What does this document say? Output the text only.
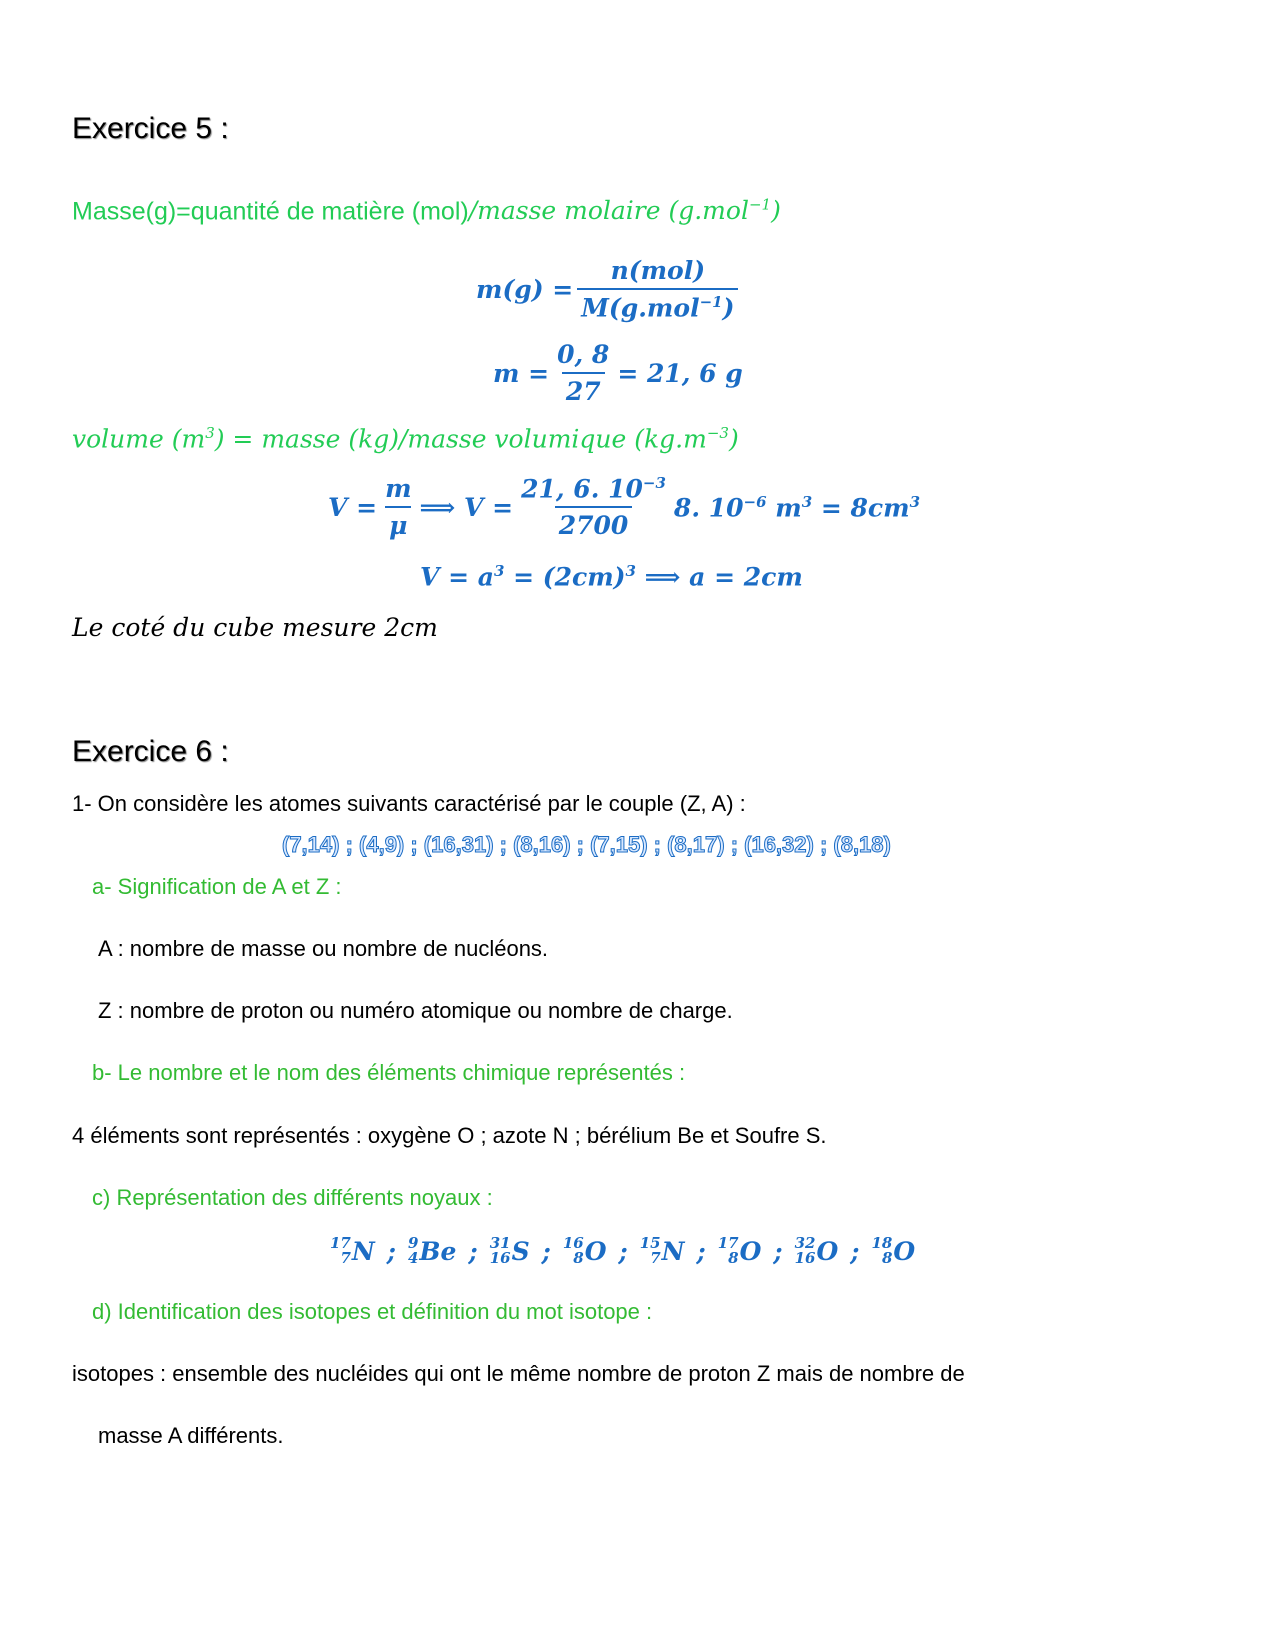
Exercice 5 :
Masse(g)=quantité de matière (mol)/masse molaire (g.mol$^{-1}$)
$m(g) = \frac{\text{n(mol)}}{M(g.mol^{-1})}$
$m = \frac{0, 8}{27} = 21$, 6 g
volume $(m^3)$ = masse (kg)/masse volumique $(kg.m^{-3})$
$V = \frac{m}{\mu}$ ⟹ $V = \frac{21, 6. 10^{-3}}{2700} 8$. $10^{-6}$ $m^3 = 8cm^3$
$V = a^3 = (2cm)^3$ ⟹ a = 2cm
Le coté du cube mesure 2cm
Exercice 6 :
1- On considère les atomes suivants caractérisé par le couple (Z, A) :
(7,14) ; (4,9) ; (16,31) ; (8,16) ; (7,15) ; (8,17) ; (16,32) ; (8,18)
a- Signification de A et Z :
A : nombre de masse ou nombre de nucléons.
Z : nombre de proton ou numéro atomique ou nombre de charge.
b- Le nombre et le nom des éléments chimique représentés :
4 éléments sont représentés : oxygène O ; azote N ; bérélium Be et Soufre S.
c) Représentation des différents noyaux :
17
7 N ; 9
4 Be ; 31
16 S ; 16
8 O ; 15
7 N ; 17
8 O ; 32
16 O ; 18
8 O
d) Identification des isotopes et définition du mot isotope :
isotopes : ensemble des nucléides qui ont le même nombre de proton Z mais de nombre de
masse A différents.
